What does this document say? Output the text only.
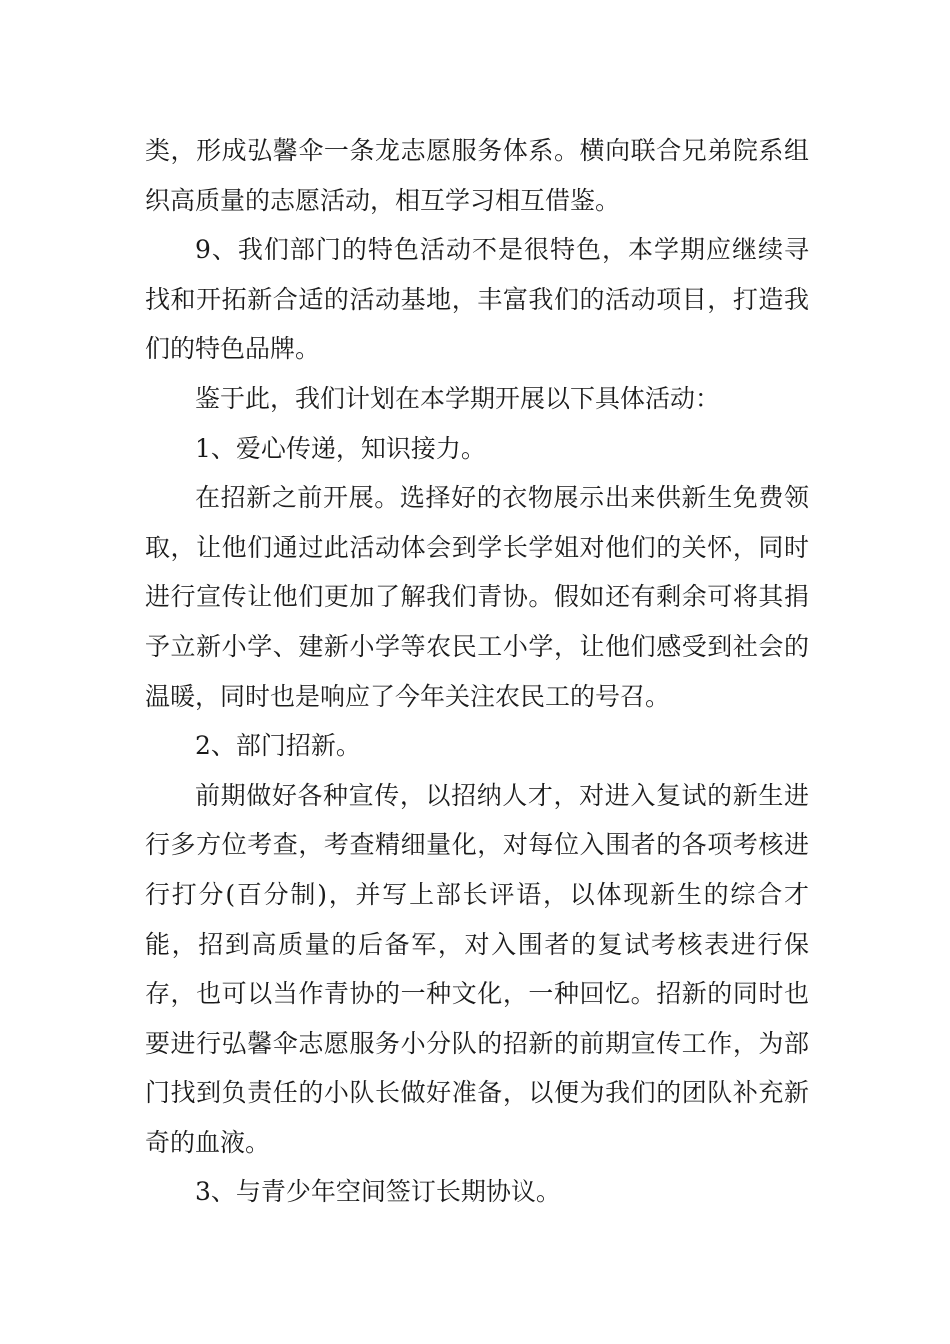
类，形成弘馨伞一条龙志愿服务体系。横向联合兄弟院系组织高质量的志愿活动，相互学习相互借鉴。

9、我们部门的特色活动不是很特色，本学期应继续寻找和开拓新合适的活动基地，丰富我们的活动项目，打造我们的特色品牌。

鉴于此，我们计划在本学期开展以下具体活动：

1、爱心传递，知识接力。

在招新之前开展。选择好的衣物展示出来供新生免费领取，让他们通过此活动体会到学长学姐对他们的关怀，同时进行宣传让他们更加了解我们青协。假如还有剩余可将其捐予立新小学、建新小学等农民工小学，让他们感受到社会的温暖，同时也是响应了今年关注农民工的号召。

2、部门招新。

前期做好各种宣传，以招纳人才，对进入复试的新生进行多方位考查，考查精细量化，对每位入围者的各项考核进行打分(百分制)，并写上部长评语，以体现新生的综合才能，招到高质量的后备军，对入围者的复试考核表进行保存，也可以当作青协的一种文化，一种回忆。招新的同时也要进行弘馨伞志愿服务小分队的招新的前期宣传工作，为部门找到负责任的小队长做好准备，以便为我们的团队补充新奇的血液。

3、与青少年空间签订长期协议。
